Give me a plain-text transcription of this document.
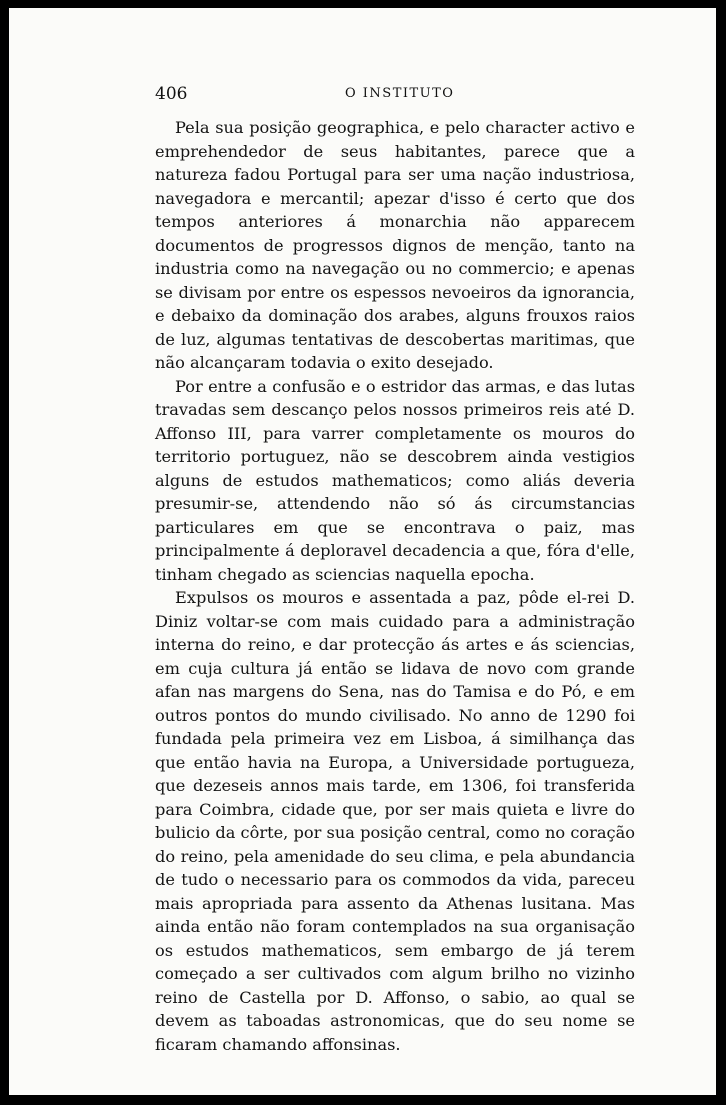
406	O INSTITUTO

Pela sua posição geographica, e pelo character activo e emprehendedor de seus habitantes, parece que a natureza fadou Portugal para ser uma nação industriosa, navegadora e mercantil; apezar d'isso é certo que dos tempos anteriores á monarchia não apparecem documentos de progressos dignos de menção, tanto na industria como na navegação ou no commercio; e apenas se divisam por entre os espessos nevoeiros da ignorancia, e debaixo da dominação dos arabes, alguns frouxos raios de luz, algumas tentativas de descobertas maritimas, que não alcançaram todavia o exito desejado.

Por entre a confusão e o estridor das armas, e das lutas travadas sem descanço pelos nossos primeiros reis até D. Affonso III, para varrer completamente os mouros do territorio portuguez, não se descobrem ainda vestigios alguns de estudos mathematicos; como aliás deveria presumir-se, attendendo não só ás circumstancias particulares em que se encontrava o paiz, mas principalmente á deploravel decadencia a que, fóra d'elle, tinham chegado as sciencias naquella epocha.

Expulsos os mouros e assentada a paz, pôde el-rei D. Diniz voltar-se com mais cuidado para a administração interna do reino, e dar protecção ás artes e ás sciencias, em cuja cultura já então se lidava de novo com grande afan nas margens do Sena, nas do Tamisa e do Pó, e em outros pontos do mundo civilisado. No anno de 1290 foi fundada pela primeira vez em Lisboa, á similhança das que então havia na Europa, a Universidade portugueza, que dezeseis annos mais tarde, em 1306, foi transferida para Coimbra, cidade que, por ser mais quieta e livre do bulicio da côrte, por sua posição central, como no coração do reino, pela amenidade do seu clima, e pela abundancia de tudo o necessario para os commodos da vida, pareceu mais apropriada para assento da Athenas lusitana. Mas ainda então não foram contemplados na sua organisação os estudos mathematicos, sem embargo de já terem começado a ser cultivados com algum brilho no vizinho reino de Castella por D. Affonso, o sabio, ao qual se devem as taboadas astronomicas, que do seu nome se ficaram chamando affonsinas.
